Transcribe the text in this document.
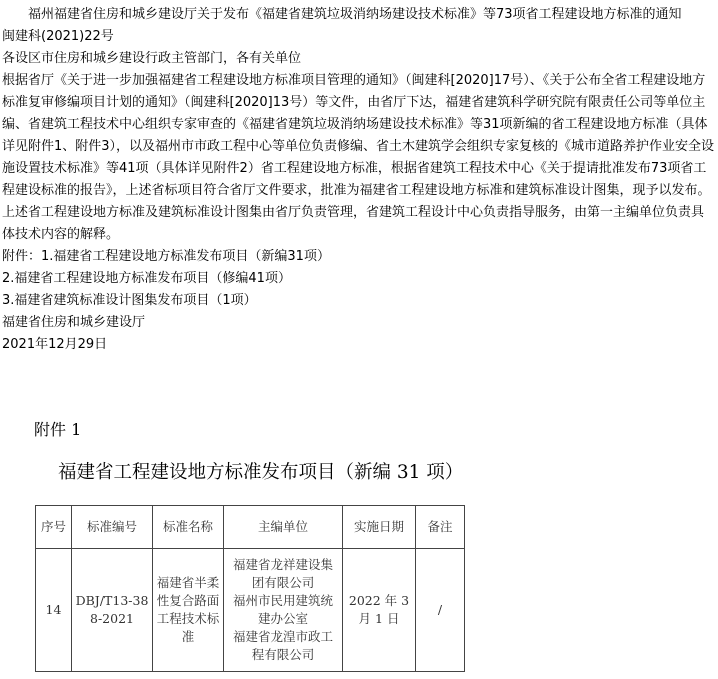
福州福建省住房和城乡建设厅关于发布《福建省建筑垃圾消纳场建设技术标准》等73项省工程建设地方标准的通知

闽建科(2021)22号

各设区市住房和城乡建设行政主管部门，各有关单位

根据省厅《关于进一步加强福建省工程建设地方标准项目管理的通知》（闽建科[2020]17号）、《关于公布全省工程建设地方标准复审修编项目计划的通知》（闽建科[2020]13号）等文件，由省厅下达，福建省建筑科学研究院有限责任公司等单位主编、省建筑工程技术中心组织专家审查的《福建省建筑垃圾消纳场建设技术标准》等31项新编的省工程建设地方标准（具体详见附件1、附件3），以及福州市市政工程中心等单位负责修编、省土木建筑学会组织专家复核的《城市道路养护作业安全设施设置技术标准》等41项（具体详见附件2）省工程建设地方标准，根据省建筑工程技术中心《关于提请批准发布73项省工程建设标准的报告》，上述省标项目符合省厅文件要求，批准为福建省工程建设地方标准和建筑标准设计图集，现予以发布。

上述省工程建设地方标准及建筑标准设计图集由省厅负责管理，省建筑工程设计中心负责指导服务，由第一主编单位负责具体技术内容的解释。

附件：1.福建省工程建设地方标准发布项目（新编31项）

2.福建省工程建设地方标准发布项目（修编41项）

3.福建省建筑标准设计图集发布项目（1项）

福建省住房和城乡建设厅

2021年12月29日

附件 1
福建省工程建设地方标准发布项目（新编 31 项）
序号	标准编号	标准名称	主编单位	实施日期	备注
14	DBJ/T13-388-2021	福建省半柔性复合路面工程技术标准	福建省龙祥建设集团有限公司
福州市民用建筑统建办公室
福建省龙湟市政工程有限公司	2022 年 3 月 1 日	/
